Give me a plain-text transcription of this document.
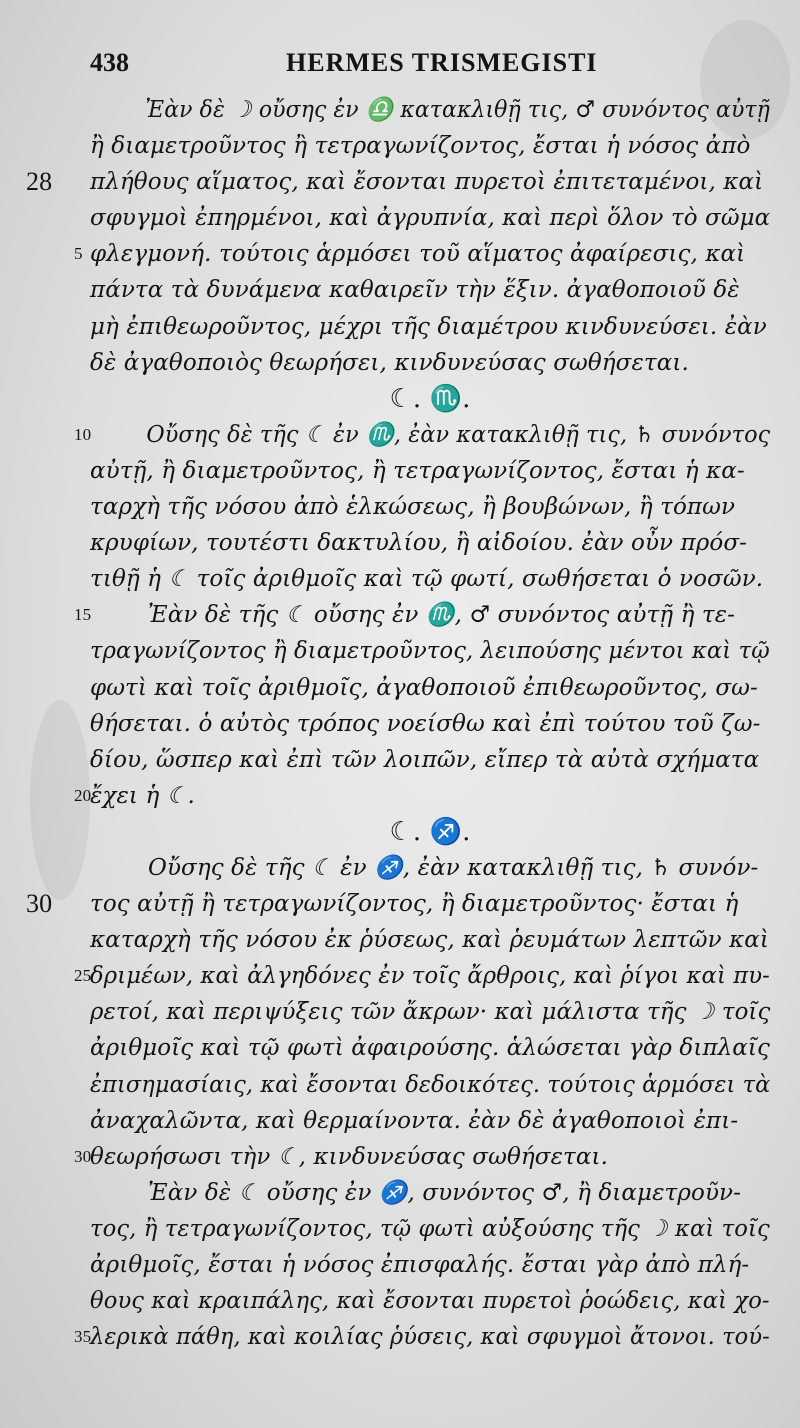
438	HERMES TRISMEGISTI
Ἐὰν δὲ ☽ οὔσης ἐν ♎ κατακλιθῇ τις, ♂ συνόντος αὐτῇ
ἢ διαμετροῦντος ἢ τετραγωνίζοντος, ἔσται ἡ νόσος ἀπὸ
28 πλήθους αἵματος, καὶ ἔσονται πυρετοὶ ἐπιτεταμένοι, καὶ
σφυγμοὶ ἐπηρμένοι, καὶ ἀγρυπνία, καὶ περὶ ὅλον τὸ σῶμα
5 φλεγμονή. τούτοις ἁρμόσει τοῦ αἵματος ἀφαίρεσις, καὶ
πάντα τὰ δυνάμενα καθαιρεῖν τὴν ἕξιν. ἀγαθοποιοῦ δὲ
μὴ ἐπιθεωροῦντος, μέχρι τῆς διαμέτρου κινδυνεύσει. ἐὰν
δὲ ἀγαθοποιὸς θεωρήσει, κινδυνεύσας σωθήσεται.
☾. ♏.
10 Οὔσης δὲ τῆς ☾ ἐν ♏, ἐὰν κατακλιθῇ τις, ♄ συνόντος
αὐτῇ, ἢ διαμετροῦντος, ἢ τετραγωνίζοντος, ἔσται ἡ κα-
ταρχὴ τῆς νόσου ἀπὸ ἑλκώσεως, ἢ βουβώνων, ἢ τόπων
κρυφίων, τουτέστι δακτυλίου, ἢ αἰδοίου. ἐὰν οὖν πρόσ-
τιθῇ ἡ ☾ τοῖς ἀριθμοῖς καὶ τῷ φωτί, σωθήσεται ὁ νοσῶν.
15 Ἐὰν δὲ τῆς ☾ οὔσης ἐν ♏, ♂ συνόντος αὐτῇ ἢ τε-
τραγωνίζοντος ἢ διαμετροῦντος, λειπούσης μέντοι καὶ τῷ
φωτὶ καὶ τοῖς ἀριθμοῖς, ἀγαθοποιοῦ ἐπιθεωροῦντος, σω-
θήσεται. ὁ αὐτὸς τρόπος νοείσθω καὶ ἐπὶ τούτου τοῦ ζω-
δίου, ὥσπερ καὶ ἐπὶ τῶν λοιπῶν, εἴπερ τὰ αὐτὰ σχήματα
20
ἔχει ἡ ☾.
☾. ♐.
Οὔσης δὲ τῆς ☾ ἐν ♐, ἐὰν κατακλιθῇ τις, ♄ συνόν-
30 τος αὐτῇ ἢ τετραγωνίζοντος, ἢ διαμετροῦντος· ἔσται ἡ
καταρχὴ τῆς νόσου ἐκ ῥύσεως, καὶ ῥευμάτων λεπτῶν καὶ
25
δριμέων, καὶ ἀλγηδόνες ἐν τοῖς ἄρθροις, καὶ ῥίγοι καὶ πυ-
ρετοί, καὶ περιψύξεις τῶν ἄκρων· καὶ μάλιστα τῆς ☽ τοῖς
ἀριθμοῖς καὶ τῷ φωτὶ ἀφαιρούσης. ἁλώσεται γὰρ διπλαῖς
ἐπισημασίαις, καὶ ἔσονται δεδοικότες. τούτοις ἁρμόσει τὰ
ἀναχαλῶντα, καὶ θερμαίνοντα. ἐὰν δὲ ἀγαθοποιοὶ ἐπι-
30
θεωρήσωσι τὴν ☾, κινδυνεύσας σωθήσεται.
Ἐὰν δὲ ☾ οὔσης ἐν ♐, συνόντος ♂, ἢ διαμετροῦν-
τος, ἢ τετραγωνίζοντος, τῷ φωτὶ αὐξούσης τῆς ☽ καὶ τοῖς
ἀριθμοῖς, ἔσται ἡ νόσος ἐπισφαλής. ἔσται γὰρ ἀπὸ πλή-
θους καὶ κραιπάλης, καὶ ἔσονται πυρετοὶ ῥοώδεις, καὶ χο-
35
λερικὰ πάθη, καὶ κοιλίας ῥύσεις, καὶ σφυγμοὶ ἄτονοι. τού-
